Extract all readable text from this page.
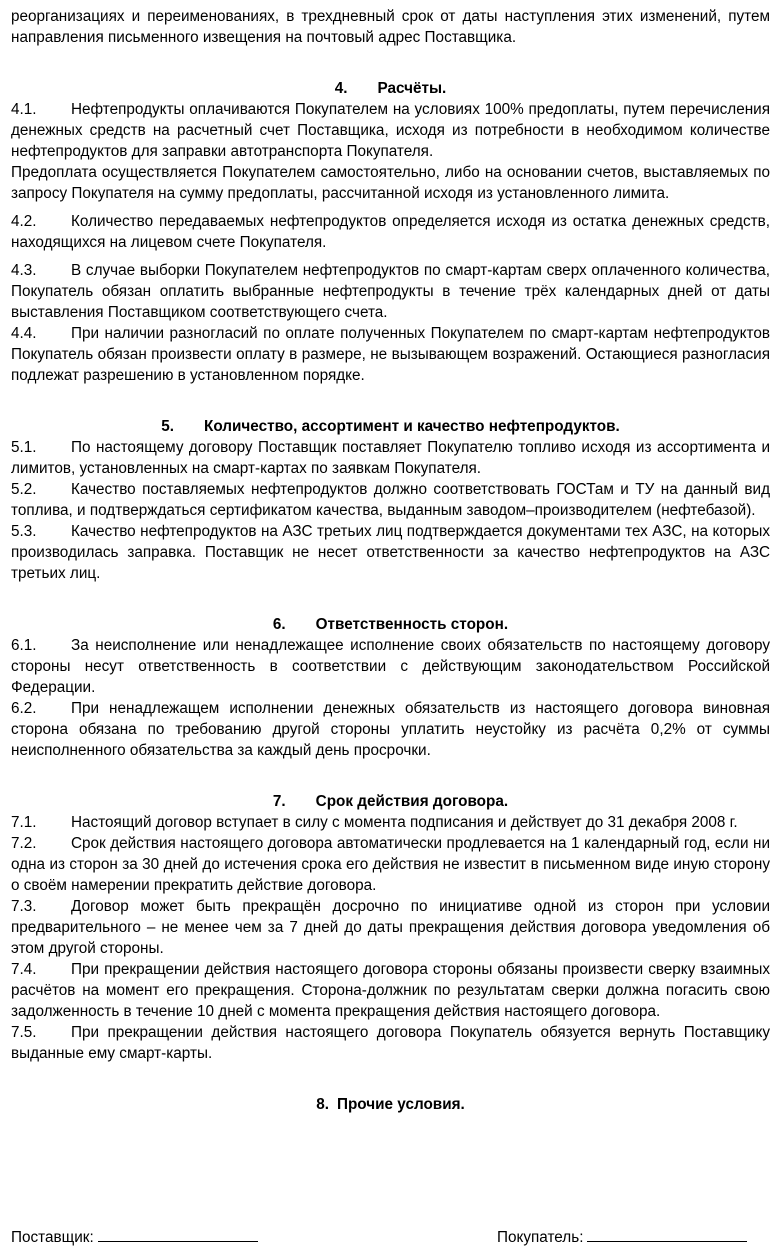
реорганизациях и переименованиях, в трехдневный срок от даты наступления этих изменений, путем направления письменного извещения на почтовый адрес Поставщика.

4. Расчёты.

4.1. Нефтепродукты оплачиваются Покупателем на условиях 100% предоплаты, путем перечисления денежных средств на расчетный счет Поставщика, исходя из потребности в необходимом количестве нефтепродуктов для заправки автотранспорта Покупателя.

Предоплата осуществляется Покупателем самостоятельно, либо на основании счетов, выставляемых по запросу Покупателя на сумму предоплаты, рассчитанной исходя из установленного лимита.

4.2. Количество передаваемых нефтепродуктов определяется исходя из остатка денежных средств, находящихся на лицевом счете Покупателя.

4.3. В случае выборки Покупателем нефтепродуктов по смарт-картам сверх оплаченного количества, Покупатель обязан оплатить выбранные нефтепродукты в течение трёх календарных дней от даты выставления Поставщиком соответствующего счета.

4.4. При наличии разногласий по оплате полученных Покупателем по смарт-картам нефтепродуктов Покупатель обязан произвести оплату в размере, не вызывающем возражений. Остающиеся разногласия подлежат разрешению в установленном порядке.

5. Количество, ассортимент и качество нефтепродуктов.

5.1. По настоящему договору Поставщик поставляет Покупателю топливо исходя из ассортимента и лимитов, установленных на смарт-картах по заявкам Покупателя.

5.2. Качество поставляемых нефтепродуктов должно соответствовать ГОСТам и ТУ на данный вид топлива, и подтверждаться сертификатом качества, выданным заводом–производителем (нефтебазой).

5.3. Качество нефтепродуктов на АЗС третьих лиц подтверждается документами тех АЗС, на которых производилась заправка. Поставщик не несет ответственности за качество нефтепродуктов на АЗС третьих лиц.

6. Ответственность сторон.

6.1. За неисполнение или ненадлежащее исполнение своих обязательств по настоящему договору стороны несут ответственность в соответствии с действующим законодательством Российской Федерации.

6.2. При ненадлежащем исполнении денежных обязательств из настоящего договора виновная сторона обязана по требованию другой стороны уплатить неустойку из расчёта 0,2% от суммы неисполненного обязательства за каждый день просрочки.

7. Срок действия договора.

7.1. Настоящий договор вступает в силу с момента подписания и действует до 31 декабря 2008 г.

7.2. Срок действия настоящего договора автоматически продлевается на 1 календарный год, если ни одна из сторон за 30 дней до истечения срока его действия не известит в письменном виде иную сторону о своём намерении прекратить действие договора.

7.3. Договор может быть прекращён досрочно по инициативе одной из сторон при условии предварительного – не менее чем за 7 дней до даты прекращения действия договора уведомления об этом другой стороны.

7.4. При прекращении действия настоящего договора стороны обязаны произвести сверку взаимных расчётов на момент его прекращения. Сторона-должник по результатам сверки должна погасить свою задолженность в течение 10 дней с момента прекращения действия настоящего договора.

7.5. При прекращении действия настоящего договора Покупатель обязуется вернуть Поставщику выданные ему смарт-карты.

8. Прочие условия.

Поставщик:	Покупатель:
